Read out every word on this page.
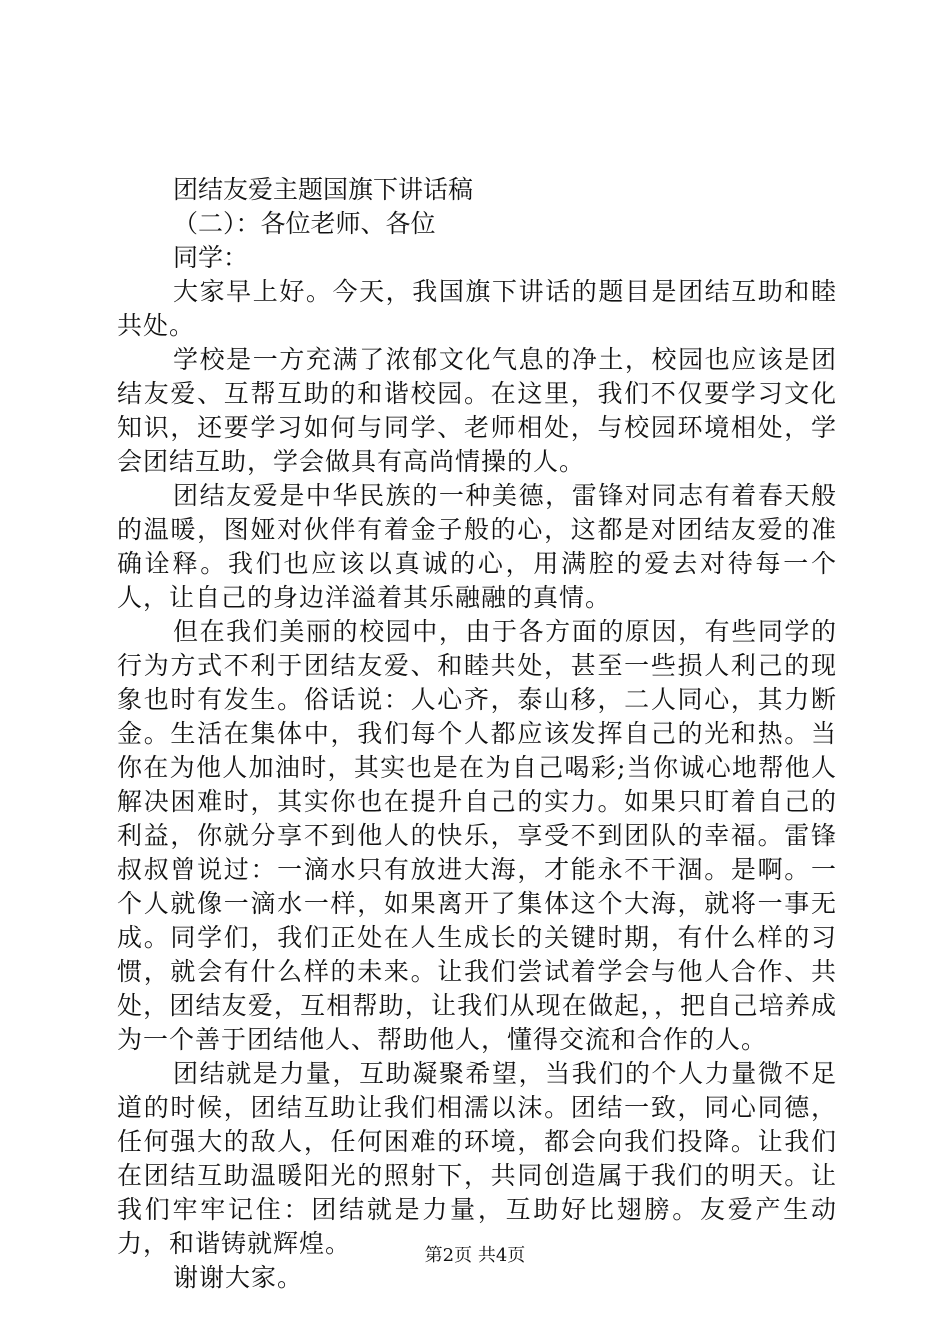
团结友爱主题国旗下讲话稿

（二）：各位老师、各位

同学：

大家早上好。今天，我国旗下讲话的题目是团结互助和睦共处。

学校是一方充满了浓郁文化气息的净土，校园也应该是团结友爱、互帮互助的和谐校园。在这里，我们不仅要学习文化知识，还要学习如何与同学、老师相处，与校园环境相处，学会团结互助，学会做具有高尚情操的人。

团结友爱是中华民族的一种美德，雷锋对同志有着春天般的温暖，图娅对伙伴有着金子般的心，这都是对团结友爱的准确诠释。我们也应该以真诚的心，用满腔的爱去对待每一个人，让自己的身边洋溢着其乐融融的真情。

但在我们美丽的校园中，由于各方面的原因，有些同学的行为方式不利于团结友爱、和睦共处，甚至一些损人利己的现象也时有发生。俗话说：人心齐，泰山移，二人同心，其力断金。生活在集体中，我们每个人都应该发挥自己的光和热。当你在为他人加油时，其实也是在为自己喝彩;当你诚心地帮他人解决困难时，其实你也在提升自己的实力。如果只盯着自己的利益，你就分享不到他人的快乐，享受不到团队的幸福。雷锋叔叔曾说过：一滴水只有放进大海，才能永不干涸。是啊。一个人就像一滴水一样，如果离开了集体这个大海，就将一事无成。同学们，我们正处在人生成长的关键时期，有什么样的习惯，就会有什么样的未来。让我们尝试着学会与他人合作、共处，团结友爱，互相帮助，让我们从现在做起，，把自己培养成为一个善于团结他人、帮助他人，懂得交流和合作的人。

团结就是力量，互助凝聚希望，当我们的个人力量微不足道的时候，团结互助让我们相濡以沫。团结一致，同心同德，任何强大的敌人，任何困难的环境，都会向我们投降。让我们在团结互助温暖阳光的照射下，共同创造属于我们的明天。让我们牢牢记住：团结就是力量，互助好比翅膀。友爱产生动力，和谐铸就辉煌。

谢谢大家。

第2页 共4页
